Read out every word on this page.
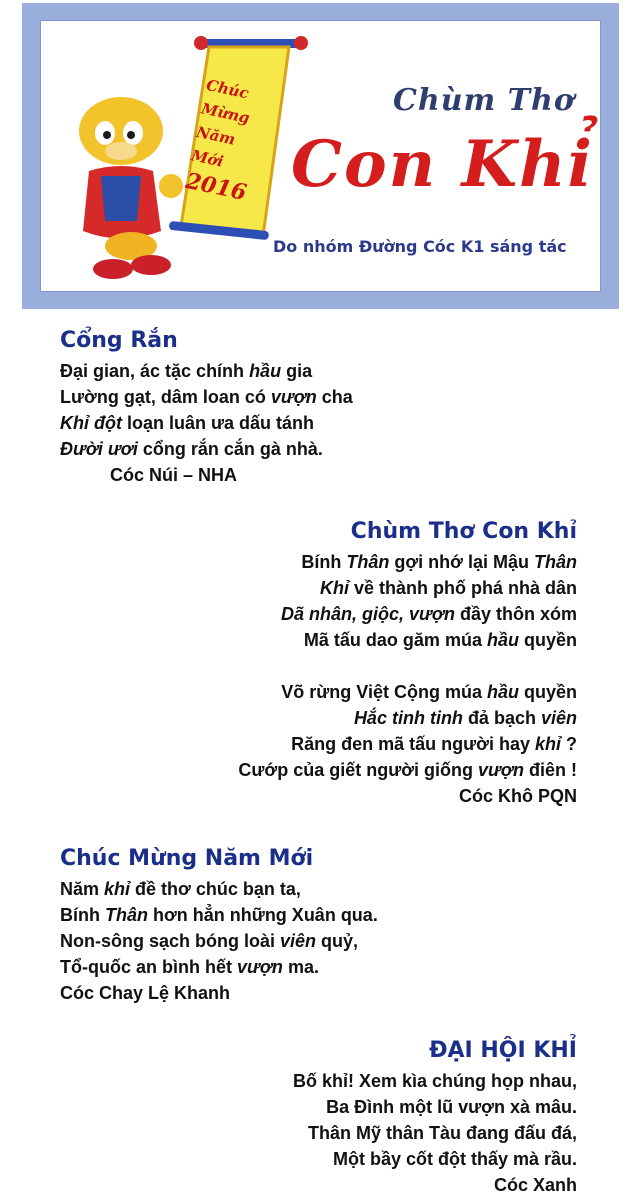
Chúc
Mừng
Năm
Mới
2016
Chùm Thơ
Con Khỉ
Do nhóm Đường Cóc K1 sáng tác
Cổng Rắn
Đại gian, ác tặc chính hầu gia
Lường gạt, dâm loan có vượn cha
Khỉ đột loạn luân ưa dấu tánh
Đười ươi cổng rắn cắn gà nhà.
Cóc Núi – NHA
Chùm Thơ Con Khỉ
Bính Thân gợi nhớ lại Mậu Thân
Khỉ về thành phố phá nhà dân
Dã nhân, giộc, vượn đầy thôn xóm
Mã tấu dao găm múa hầu quyền
Võ rừng Việt Cộng múa hầu quyền
Hắc tinh tinh đả bạch viên
Răng đen mã tấu người hay khỉ ?
Cướp của giết người giống vượn điên !
Cóc Khô PQN
Chúc Mừng Năm Mới
Năm khỉ đề thơ chúc bạn ta,
Bính Thân hơn hẳn những Xuân qua.
Non-sông sạch bóng loài viên quỷ,
Tổ-quốc an bình hết vượn ma.
Cóc Chay Lệ Khanh
ĐẠI HỘI KHỈ
Bố khỉ! Xem kìa chúng họp nhau,
Ba Đình một lũ vượn xà mâu.
Thân Mỹ thân Tàu đang đấu đá,
Một bầy cốt đột thấy mà rầu.
Cóc Xanh
